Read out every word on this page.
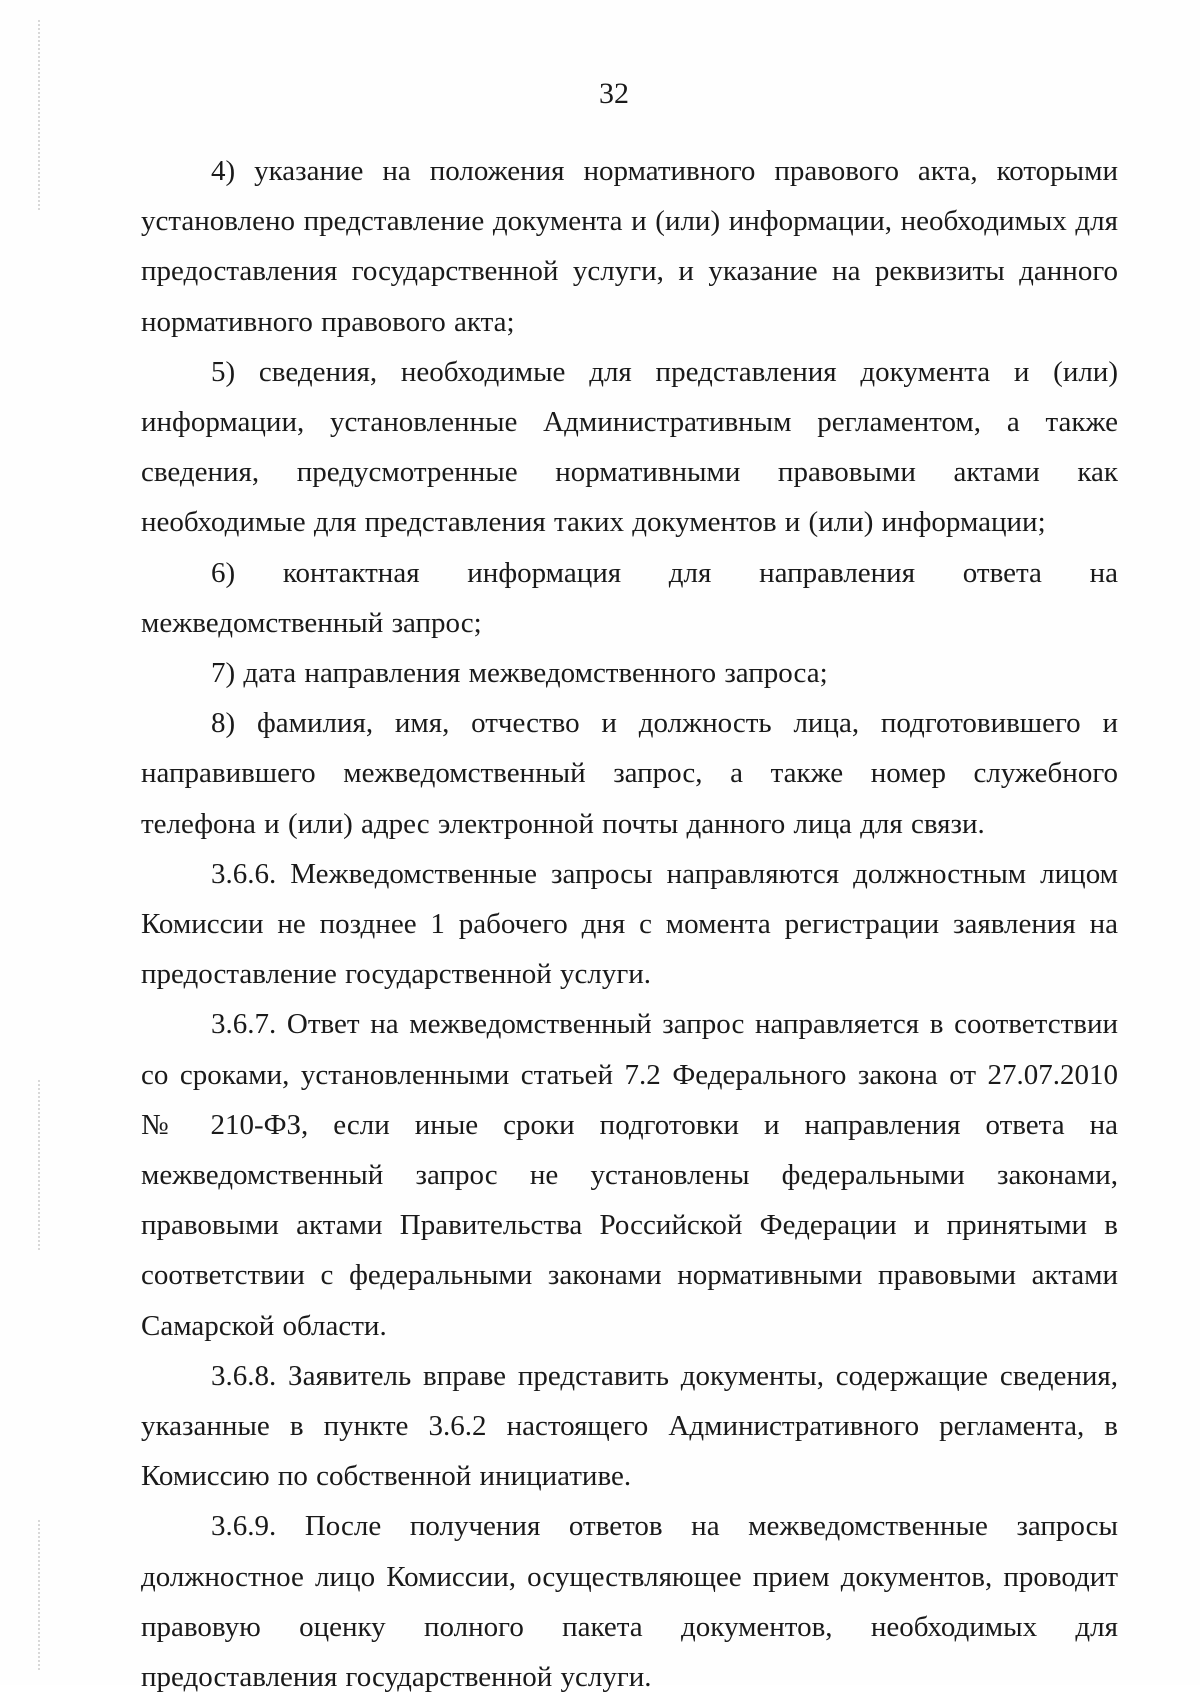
32

4) указание на положения нормативного правового акта, которыми установлено представление документа и (или) информации, необходимых для предоставления государственной услуги, и указание на реквизиты данного нормативного правового акта;

5) сведения, необходимые для представления документа и (или) информации, установленные Административным регламентом, а также сведения, предусмотренные нормативными правовыми актами как необходимые для представления таких документов и (или) информации;

6) контактная информация для направления ответа на межведомственный запрос;

7) дата направления межведомственного запроса;

8) фамилия, имя, отчество и должность лица, подготовившего и направившего межведомственный запрос, а также номер служебного телефона и (или) адрес электронной почты данного лица для связи.

3.6.6. Межведомственные запросы направляются должностным лицом Комиссии не позднее 1 рабочего дня с момента регистрации заявления на предоставление государственной услуги.

3.6.7. Ответ на межведомственный запрос направляется в соответствии со сроками, установленными статьей 7.2 Федерального закона от 27.07.2010 № 210-ФЗ, если иные сроки подготовки и направления ответа на межведомственный запрос не установлены федеральными законами, правовыми актами Правительства Российской Федерации и принятыми в соответствии с федеральными законами нормативными правовыми актами Самарской области.

3.6.8. Заявитель вправе представить документы, содержащие сведения, указанные в пункте 3.6.2 настоящего Административного регламента, в Комиссию по собственной инициативе.

3.6.9. После получения ответов на межведомственные запросы должностное лицо Комиссии, осуществляющее прием документов, проводит правовую оценку полного пакета документов, необходимых для предоставления государственной услуги.
